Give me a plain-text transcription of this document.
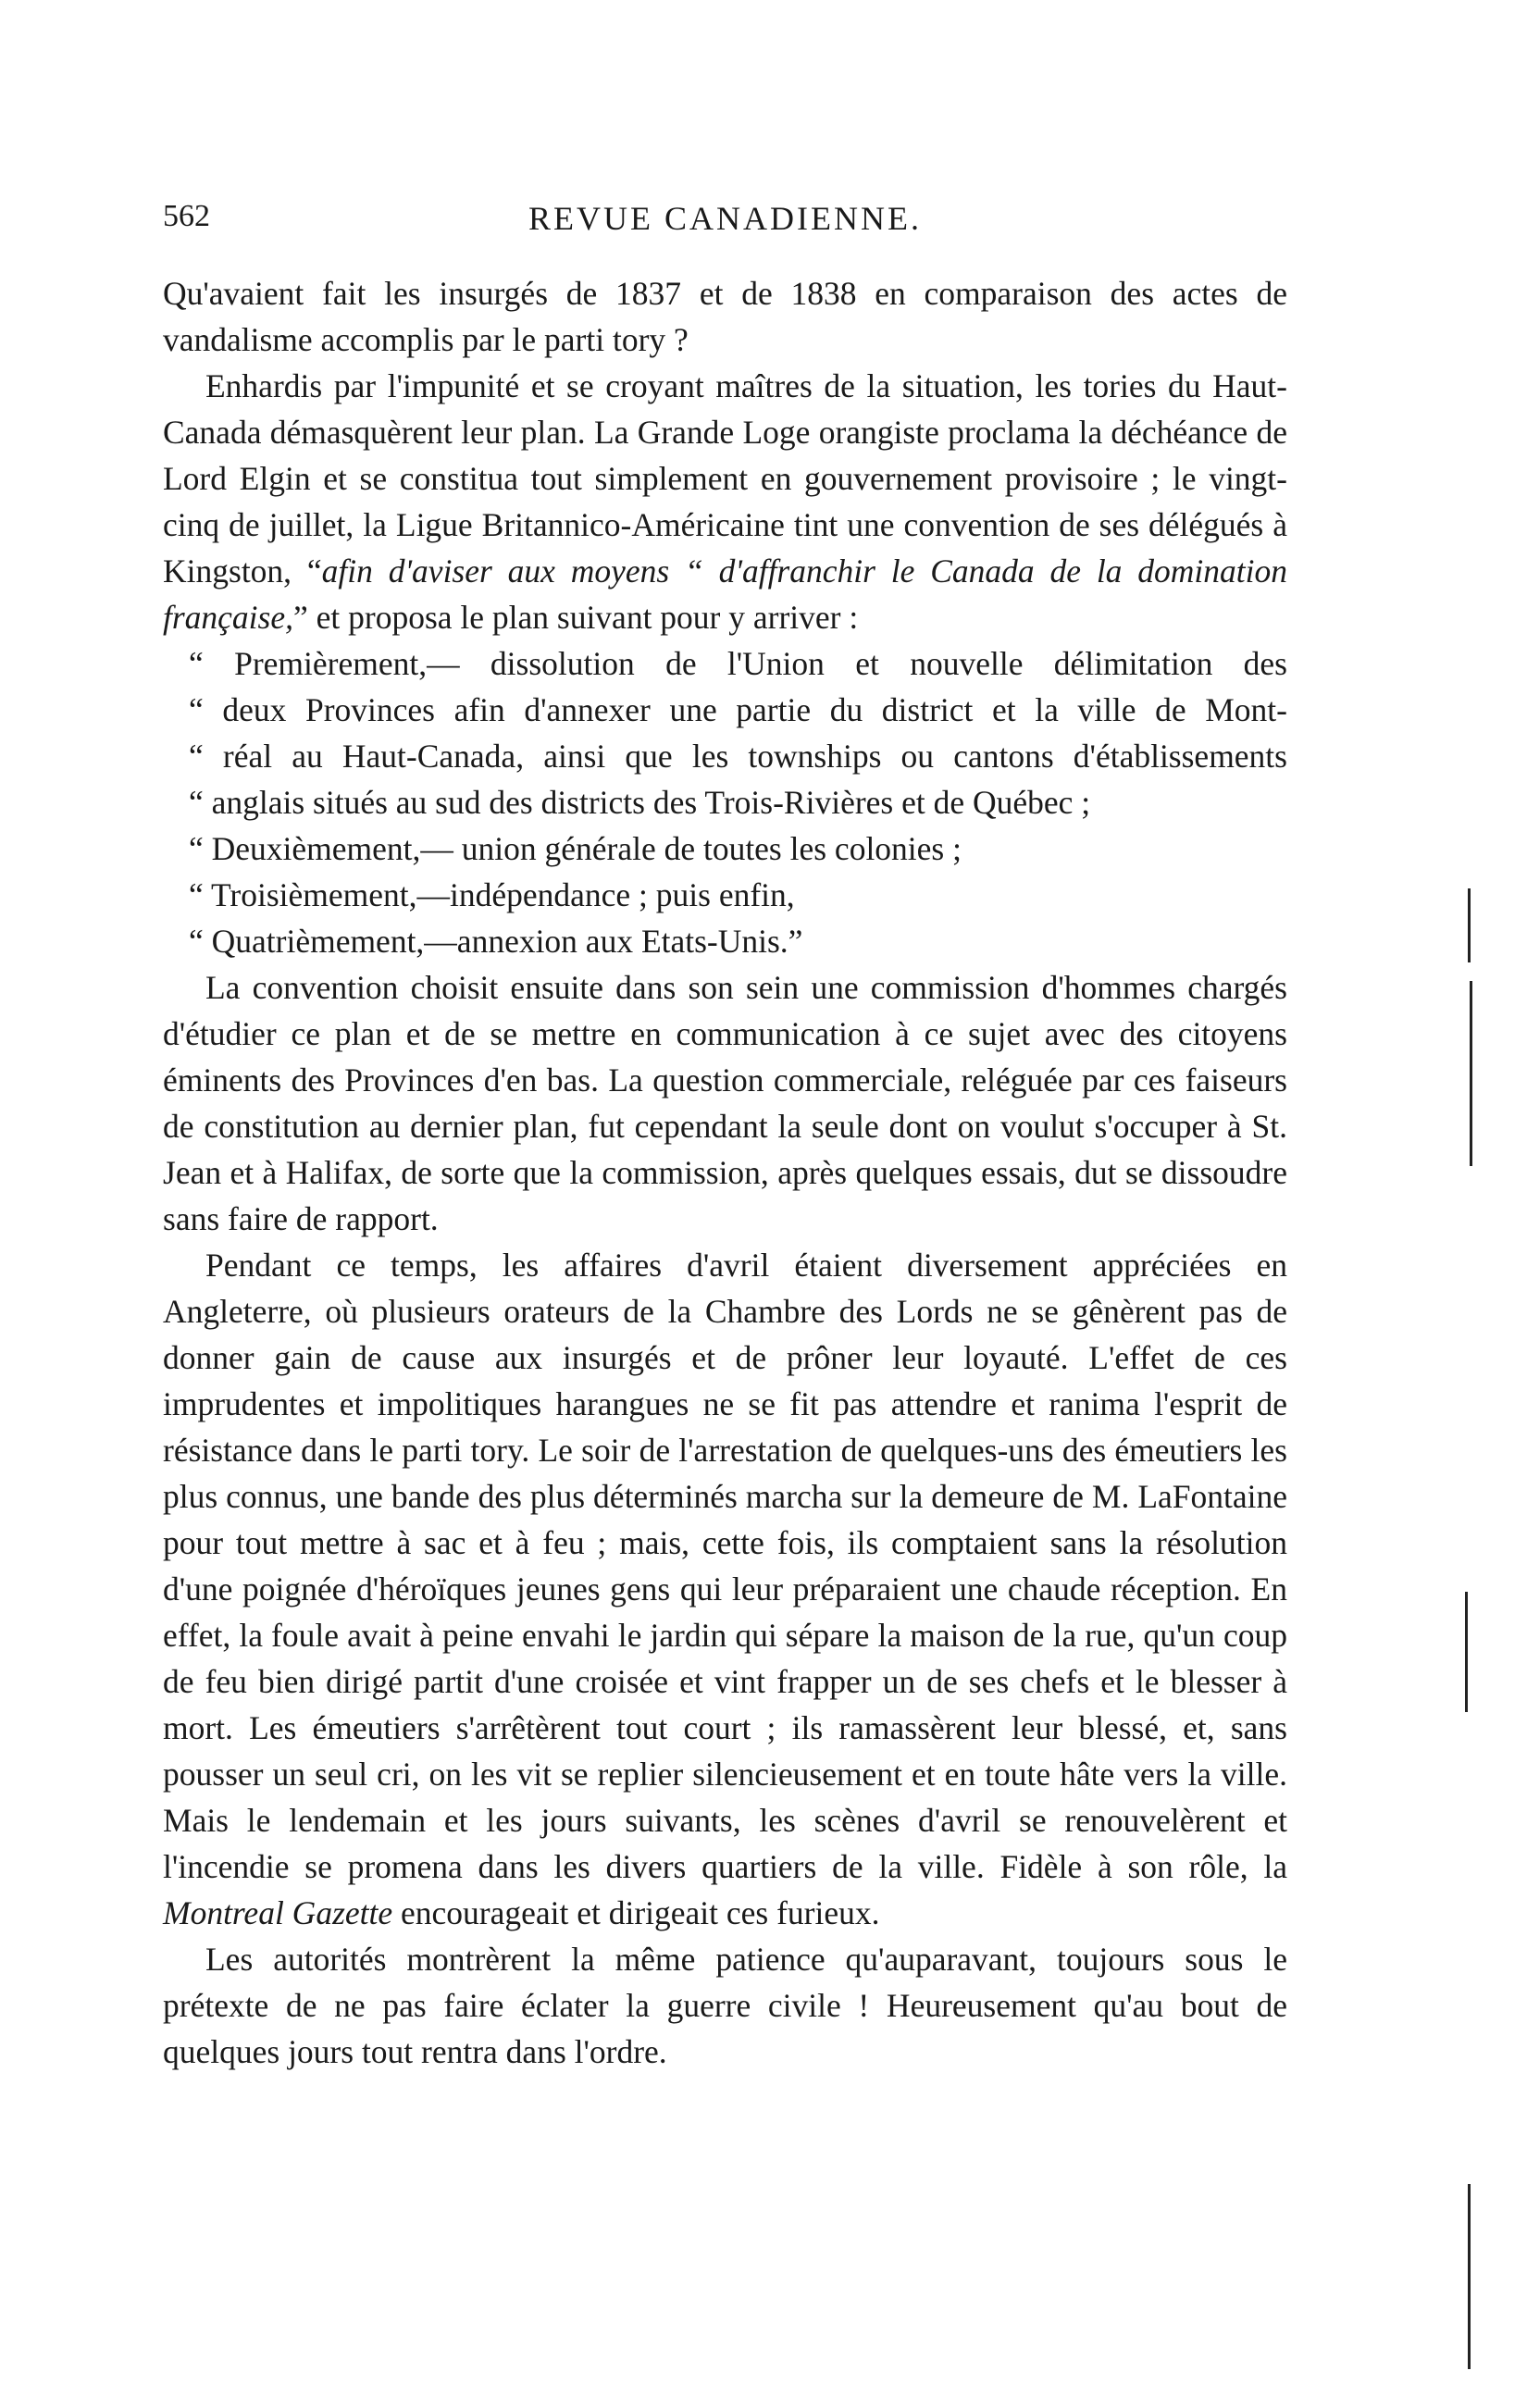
562	REVUE CANADIENNE.

Qu'avaient fait les insurgés de 1837 et de 1838 en comparaison des actes de vandalisme accomplis par le parti tory ?

Enhardis par l'impunité et se croyant maîtres de la situation, les tories du Haut-Canada démasquèrent leur plan. La Grande Loge orangiste proclama la déchéance de Lord Elgin et se constitua tout simplement en gouvernement provisoire ; le vingt-cinq de juillet, la Ligue Britannico-Américaine tint une convention de ses délégués à Kingston, “afin d'aviser aux moyens “ d'affranchir le Canada de la domination française,” et proposa le plan suivant pour y arriver :

“ Premièrement,— dissolution de l'Union et nouvelle délimitation des
“ deux Provinces afin d'annexer une partie du district et la ville de Mont-
“ réal au Haut-Canada, ainsi que les townships ou cantons d'établissements
“ anglais situés au sud des districts des Trois-Rivières et de Québec ;
“ Deuxièmement,— union générale de toutes les colonies ;
“ Troisièmement,—indépendance ; puis enfin,
“ Quatrièmement,—annexion aux Etats-Unis.”

La convention choisit ensuite dans son sein une commission d'hommes chargés d'étudier ce plan et de se mettre en communication à ce sujet avec des citoyens éminents des Provinces d'en bas. La question commerciale, reléguée par ces faiseurs de constitution au dernier plan, fut cependant la seule dont on voulut s'occuper à St. Jean et à Halifax, de sorte que la commission, après quelques essais, dut se dissoudre sans faire de rapport.

Pendant ce temps, les affaires d'avril étaient diversement appréciées en Angleterre, où plusieurs orateurs de la Chambre des Lords ne se gênèrent pas de donner gain de cause aux insurgés et de prôner leur loyauté. L'effet de ces imprudentes et impolitiques harangues ne se fit pas attendre et ranima l'esprit de résistance dans le parti tory. Le soir de l'arrestation de quelques-uns des émeutiers les plus connus, une bande des plus déterminés marcha sur la demeure de M. LaFontaine pour tout mettre à sac et à feu ; mais, cette fois, ils comptaient sans la résolution d'une poignée d'héroïques jeunes gens qui leur préparaient une chaude réception. En effet, la foule avait à peine envahi le jardin qui sépare la maison de la rue, qu'un coup de feu bien dirigé partit d'une croisée et vint frapper un de ses chefs et le blesser à mort. Les émeutiers s'arrêtèrent tout court ; ils ramassèrent leur blessé, et, sans pousser un seul cri, on les vit se replier silencieusement et en toute hâte vers la ville. Mais le lendemain et les jours suivants, les scènes d'avril se renouvelèrent et l'incendie se promena dans les divers quartiers de la ville. Fidèle à son rôle, la Montreal Gazette encourageait et dirigeait ces furieux.

Les autorités montrèrent la même patience qu'auparavant, toujours sous le prétexte de ne pas faire éclater la guerre civile ! Heureusement qu'au bout de quelques jours tout rentra dans l'ordre.
